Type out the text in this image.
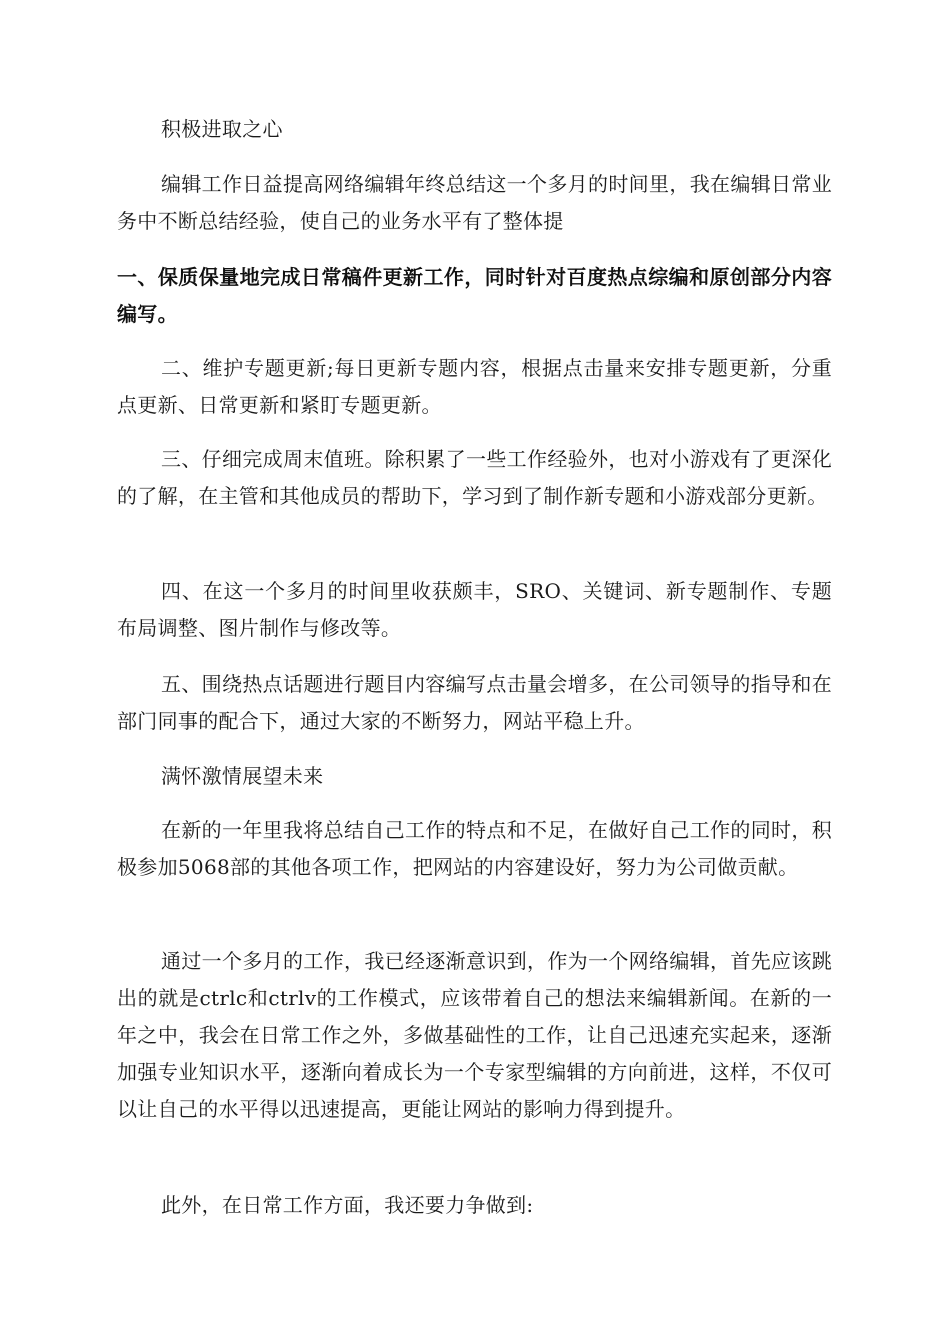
积极进取之心

编辑工作日益提高网络编辑年终总结这一个多月的时间里，我在编辑日常业务中不断总结经验，使自己的业务水平有了整体提

一、保质保量地完成日常稿件更新工作，同时针对百度热点综编和原创部分内容编写。

二、维护专题更新;每日更新专题内容，根据点击量来安排专题更新，分重点更新、日常更新和紧盯专题更新。

三、仔细完成周末值班。除积累了一些工作经验外，也对小游戏有了更深化的了解，在主管和其他成员的帮助下，学习到了制作新专题和小游戏部分更新。

四、在这一个多月的时间里收获颇丰，SRO、关键词、新专题制作、专题布局调整、图片制作与修改等。

五、围绕热点话题进行题目内容编写点击量会增多，在公司领导的指导和在部门同事的配合下，通过大家的不断努力，网站平稳上升。

满怀激情展望未来

在新的一年里我将总结自己工作的特点和不足，在做好自己工作的同时，积极参加5068部的其他各项工作，把网站的内容建设好，努力为公司做贡献。

通过一个多月的工作，我已经逐渐意识到，作为一个网络编辑，首先应该跳出的就是ctrlc和ctrlv的工作模式，应该带着自己的想法来编辑新闻。在新的一年之中，我会在日常工作之外，多做基础性的工作，让自己迅速充实起来，逐渐加强专业知识水平，逐渐向着成长为一个专家型编辑的方向前进，这样，不仅可以让自己的水平得以迅速提高，更能让网站的影响力得到提升。

此外，在日常工作方面，我还要力争做到:
